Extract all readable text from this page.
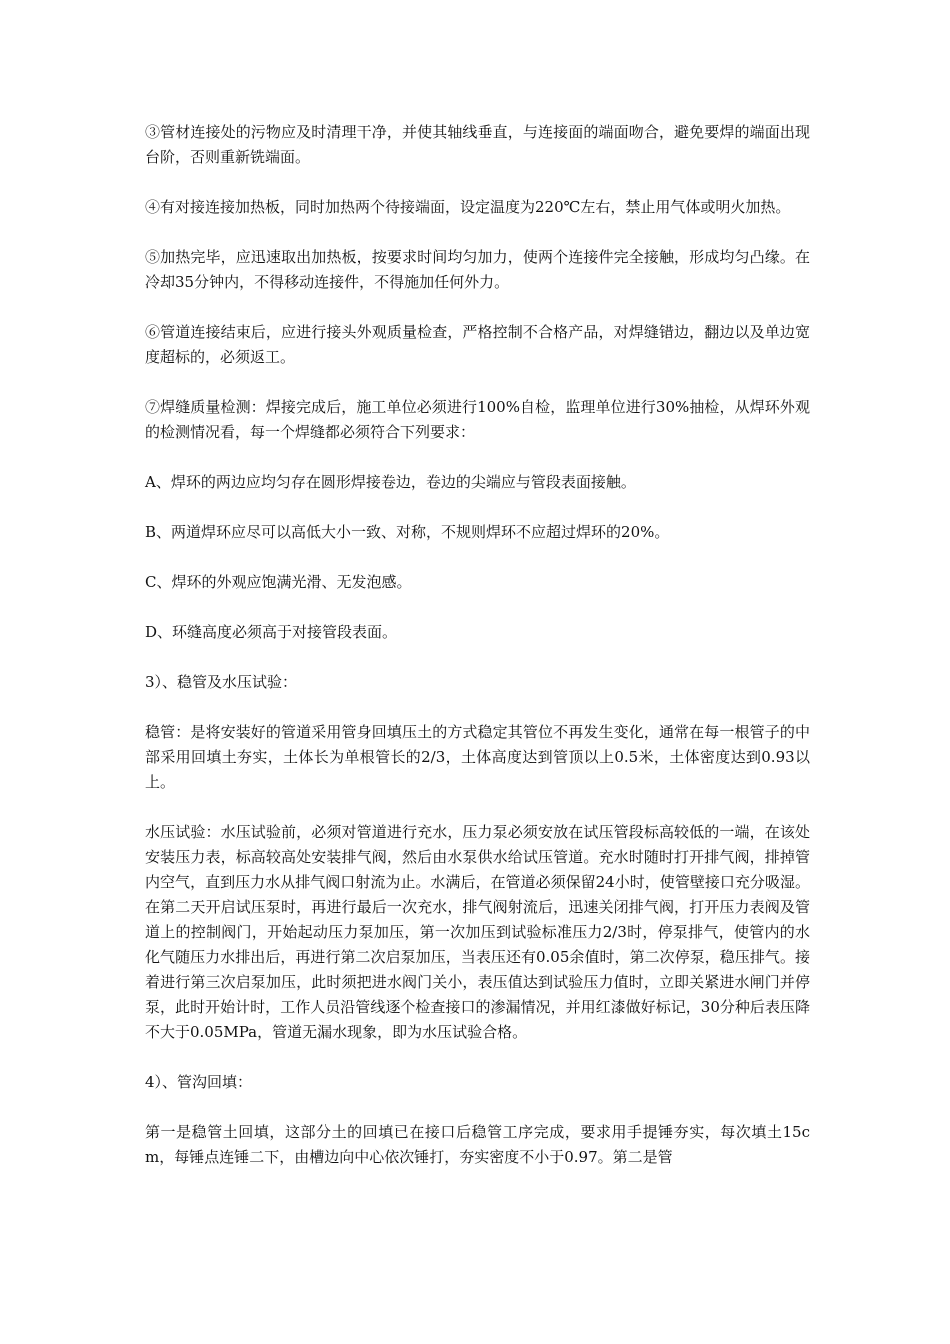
③管材连接处的污物应及时清理干净，并使其轴线垂直，与连接面的端面吻合，避免要焊的端面出现台阶，否则重新铣端面。

④有对接连接加热板，同时加热两个待接端面，设定温度为220℃左右，禁止用气体或明火加热。

⑤加热完毕，应迅速取出加热板，按要求时间均匀加力，使两个连接件完全接触，形成均匀凸缘。在冷却35分钟内，不得移动连接件，不得施加任何外力。

⑥管道连接结束后，应进行接头外观质量检查，严格控制不合格产品，对焊缝错边，翻边以及单边宽度超标的，必须返工。

⑦焊缝质量检测：焊接完成后，施工单位必须进行100%自检，监理单位进行30%抽检，从焊环外观的检测情况看，每一个焊缝都必须符合下列要求：

A、焊环的两边应均匀存在圆形焊接卷边，卷边的尖端应与管段表面接触。

B、两道焊环应尽可以高低大小一致、对称，不规则焊环不应超过焊环的20%。

C、焊环的外观应饱满光滑、无发泡感。

D、环缝高度必须高于对接管段表面。

3）、稳管及水压试验：

稳管：是将安装好的管道采用管身回填压土的方式稳定其管位不再发生变化，通常在每一根管子的中部采用回填土夯实，土体长为单根管长的2/3，土体高度达到管顶以上0.5米，土体密度达到0.93以上。

水压试验：水压试验前，必须对管道进行充水，压力泵必须安放在试压管段标高较低的一端，在该处安装压力表，标高较高处安装排气阀，然后由水泵供水给试压管道。充水时随时打开排气阀，排掉管内空气，直到压力水从排气阀口射流为止。水满后，在管道必须保留24小时，使管壁接口充分吸湿。在第二天开启试压泵时，再进行最后一次充水，排气阀射流后，迅速关闭排气阀，打开压力表阀及管道上的控制阀门，开始起动压力泵加压，第一次加压到试验标准压力2/3时，停泵排气，使管内的水化气随压力水排出后，再进行第二次启泵加压，当表压还有0.05余值时，第二次停泵，稳压排气。接着进行第三次启泵加压，此时须把进水阀门关小，表压值达到试验压力值时，立即关紧进水闸门并停泵，此时开始计时，工作人员沿管线逐个检查接口的渗漏情况，并用红漆做好标记，30分种后表压降不大于0.05MPa，管道无漏水现象，即为水压试验合格。

4）、管沟回填：

第一是稳管土回填，这部分土的回填已在接口后稳管工序完成，要求用手提锤夯实，每次填土15cm，每锤点连锤二下，由槽边向中心依次锤打，夯实密度不小于0.97。第二是管
